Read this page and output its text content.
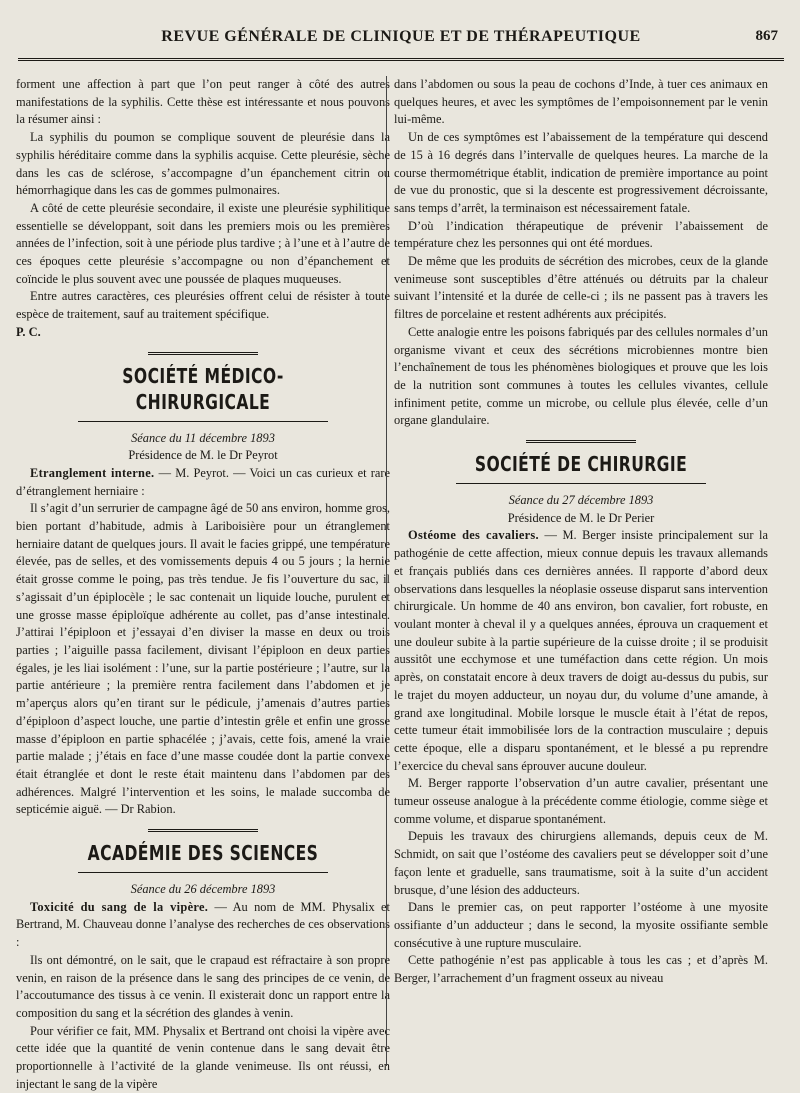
REVUE GÉNÉRALE DE CLINIQUE ET DE THÉRAPEUTIQUE	867

forment une affection à part que l’on peut ranger à côté des autres manifestations de la syphilis. Cette thèse est intéressante et nous pouvons la résumer ainsi :

La syphilis du poumon se complique souvent de pleurésie dans la syphilis héréditaire comme dans la syphilis acquise. Cette pleurésie, sèche dans les cas de sclérose, s’accompagne d’un épanchement citrin ou hémorrhagique dans les cas de gommes pulmonaires.

A côté de cette pleurésie secondaire, il existe une pleurésie syphilitique essentielle se développant, soit dans les premiers mois ou les premières années de l’infection, soit à une période plus tardive ; à l’une et à l’autre de ces époques cette pleurésie s’accompagne ou non d’épanchement et coïncide le plus souvent avec une poussée de plaques muqueuses.

Entre autres caractères, ces pleurésies offrent celui de résister à toute espèce de traitement, sauf au traitement spécifique.

P. C.

SOCIÉTÉ MÉDICO-CHIRURGICALE

Séance du 11 décembre 1893

Présidence de M. le Dr Peyrot

Etranglement interne. — M. Peyrot. — Voici un cas curieux et rare d’étranglement herniaire :

Il s’agit d’un serrurier de campagne âgé de 50 ans environ, homme gros, bien portant d’habitude, admis à Lariboisière pour un étranglement herniaire datant de quelques jours. Il avait le facies grippé, une température élevée, pas de selles, et des vomissements depuis 4 ou 5 jours ; la hernie était grosse comme le poing, pas très tendue. Je fis l’ouverture du sac, il s’agissait d’un épiplocèle ; le sac contenait un liquide louche, purulent et une grosse masse épiploïque adhérente au collet, pas d’anse intestinale. J’attirai l’épiploon et j’essayai d’en diviser la masse en deux ou trois parties ; l’aiguille passa facilement, divisant l’épiploon en deux parties égales, je les liai isolément : l’une, sur la partie postérieure ; l’autre, sur la partie antérieure ; la première rentra facilement dans l’abdomen et je m’aperçus alors qu’en tirant sur le pédicule, j’amenais d’autres parties d’épiploon d’aspect louche, une partie d’intestin grêle et enfin une grosse masse d’épiploon en partie sphacélée ; j’avais, cette fois, amené la vraie partie malade ; j’étais en face d’une masse coudée dont la partie convexe était étranglée et dont le reste était maintenu dans l’abdomen par des adhérences. Malgré l’intervention et les soins, le malade succomba de septicémie aiguë. — Dr Rabion.

ACADÉMIE DES SCIENCES

Séance du 26 décembre 1893

Toxicité du sang de la vipère. — Au nom de MM. Physalix et Bertrand, M. Chauveau donne l’analyse des recherches de ces observations :

Ils ont démontré, on le sait, que le crapaud est réfractaire à son propre venin, en raison de la présence dans le sang des principes de ce venin, de l’accoutumance des tissus à ce venin. Il existerait donc un rapport entre la composition du sang et la sécrétion des glandes à venin.

Pour vérifier ce fait, MM. Physalix et Bertrand ont choisi la vipère avec cette idée que la quantité de venin contenue dans le sang devait être proportionnelle à l’activité de la glande venimeuse. Ils ont réussi, en injectant le sang de la vipère

dans l’abdomen ou sous la peau de cochons d’Inde, à tuer ces animaux en quelques heures, et avec les symptômes de l’empoisonnement par le venin lui-même.

Un de ces symptômes est l’abaissement de la température qui descend de 15 à 16 degrés dans l’intervalle de quelques heures. La marche de la course thermométrique établit, indication de première importance au point de vue du pronostic, que si la descente est progressivement décroissante, sans temps d’arrêt, la terminaison est nécessairement fatale.

D’où l’indication thérapeutique de prévenir l’abaissement de température chez les personnes qui ont été mordues.

De même que les produits de sécrétion des microbes, ceux de la glande venimeuse sont susceptibles d’être atténués ou détruits par la chaleur suivant l’intensité et la durée de celle-ci ; ils ne passent pas à travers les filtres de porcelaine et restent adhérents aux précipités.

Cette analogie entre les poisons fabriqués par des cellules normales d’un organisme vivant et ceux des sécrétions microbiennes montre bien l’enchaînement de tous les phénomènes biologiques et prouve que les lois de la nutrition sont communes à toutes les cellules vivantes, cellule infiniment petite, comme un microbe, ou cellule plus élevée, celle d’un organe glandulaire.

SOCIÉTÉ DE CHIRURGIE

Séance du 27 décembre 1893

Présidence de M. le Dr Perier

Ostéome des cavaliers. — M. Berger insiste principalement sur la pathogénie de cette affection, mieux connue depuis les travaux allemands et français publiés dans ces dernières années. Il rapporte d’abord deux observations dans lesquelles la néoplasie osseuse disparut sans intervention chirurgicale. Un homme de 40 ans environ, bon cavalier, fort robuste, en voulant monter à cheval il y a quelques années, éprouva un craquement et une douleur subite à la partie supérieure de la cuisse droite ; il se produisit aussitôt une ecchymose et une tuméfaction dans cette région. Un mois après, on constatait encore à deux travers de doigt au-dessus du pubis, sur le trajet du moyen adducteur, un noyau dur, du volume d’une amande, à grand axe longitudinal. Mobile lorsque le muscle était à l’état de repos, cette tumeur était immobilisée lors de la contraction musculaire ; depuis cette époque, elle a disparu spontanément, et le blessé a pu reprendre l’exercice du cheval sans éprouver aucune douleur.

M. Berger rapporte l’observation d’un autre cavalier, présentant une tumeur osseuse analogue à la précédente comme étiologie, comme siège et comme volume, et disparue spontanément.

Depuis les travaux des chirurgiens allemands, depuis ceux de M. Schmidt, on sait que l’ostéome des cavaliers peut se développer soit d’une façon lente et graduelle, sans traumatisme, soit à la suite d’un accident brusque, d’une lésion des adducteurs.

Dans le premier cas, on peut rapporter l’ostéome à une myosite ossifiante d’un adducteur ; dans le second, la myosite ossifiante semble consécutive à une rupture musculaire.

Cette pathogénie n’est pas applicable à tous les cas ; et d’après M. Berger, l’arrachement d’un fragment osseux au niveau
